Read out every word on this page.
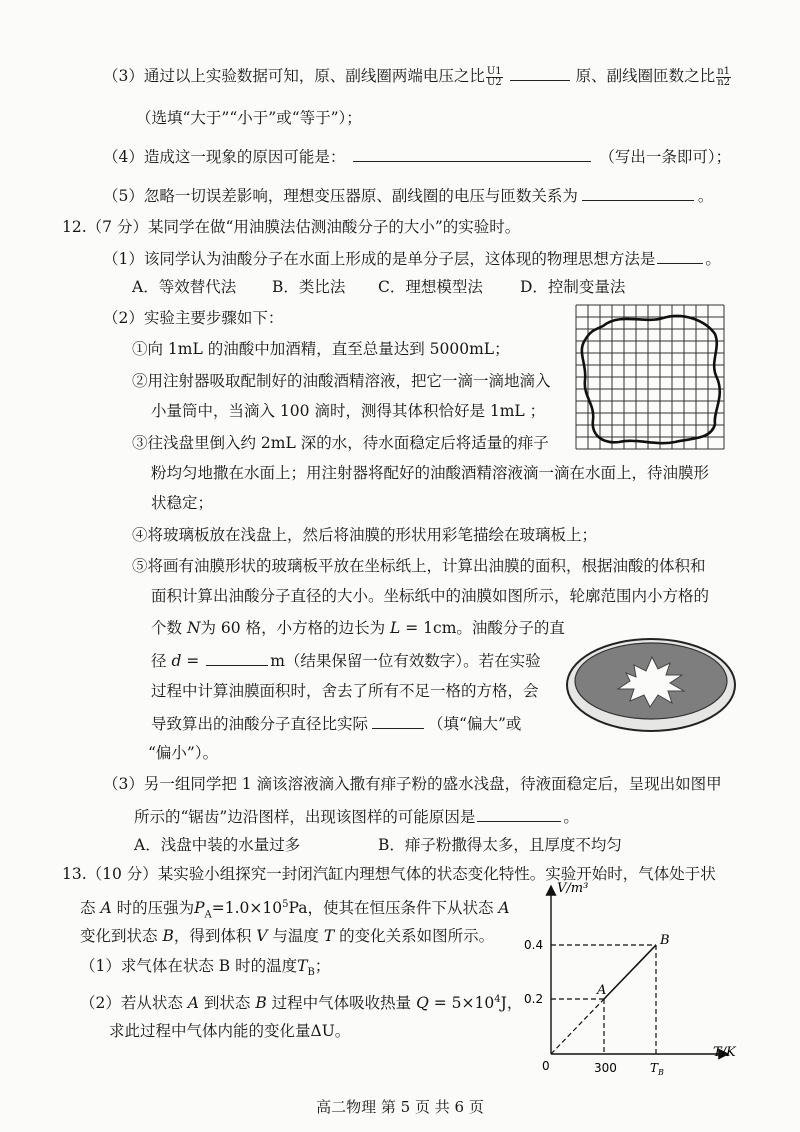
（3）通过以上实验数据可知，原、副线圈两端电压之比 $\frac{U1}{U2}$	原、副线圈匝数之比 $\frac{n1}{n2}$
（选填“大于”“小于”或“等于”）；
（4）造成这一现象的原因可能是：	（写出一条即可）；
（5）忽略一切误差影响，理想变压器原、副线圈的电压与匝数关系为	。
12.（7 分）某同学在做“用油膜法估测油酸分子的大小”的实验时。
（1）该同学认为油酸分子在水面上形成的是单分子层，这体现的物理思想方法是	。
A．等效替代法 B．类比法 C．理想模型法 D．控制变量法
（2）实验主要步骤如下：
①向 1mL 的油酸中加酒精，直至总量达到 5000mL；
②用注射器吸取配制好的油酸酒精溶液，把它一滴一滴地滴入
小量筒中，当滴入 100 滴时，测得其体积恰好是 1mL ；
③往浅盘里倒入约 2mL 深的水，待水面稳定后将适量的痱子
粉均匀地撒在水面上；用注射器将配好的油酸酒精溶液滴一滴在水面上，待油膜形
状稳定；
④将玻璃板放在浅盘上，然后将油膜的形状用彩笔描绘在玻璃板上；
⑤将画有油膜形状的玻璃板平放在坐标纸上，计算出油膜的面积，根据油酸的体积和
面积计算出油酸分子直径的大小。坐标纸中的油膜如图所示，轮廓范围内小方格的
个数 N为 60 格，小方格的边长为 L = 1cm。油酸分子的直
径 d =	m（结果保留一位有效数字）。若在实验
过程中计算油膜面积时，舍去了所有不足一格的方格，会
导致算出的油酸分子直径比实际	（填“偏大”或
“偏小”）。
（3）另一组同学把 1 滴该溶液滴入撒有痱子粉的盛水浅盘，待液面稳定后，呈现出如图甲
所示的“锯齿”边沿图样，出现该图样的可能原因是	。
A．浅盘中装的水量过多	B．痱子粉撒得太多，且厚度不均匀
13.（10 分）某实验小组探究一封闭汽缸内理想气体的状态变化特性。实验开始时，气体处于状
态 A 时的压强为$P_A=1.0\times 10^5Pa$，使其在恒压条件下从状态 A
变化到状态 B，得到体积 V 与温度 T 的变化关系如图所示。
（1）求气体在状态 B 时的温度$T_B$；
（2）若从状态 A 到状态 B 过程中气体吸收热量 $Q = 5\times 10^4J$，
求此过程中气体内能的变化量ΔU。
V/m³
T/K
0
0.4
0.2
300	$T_B$
A
B
高二物理 第 5 页 共 6 页
